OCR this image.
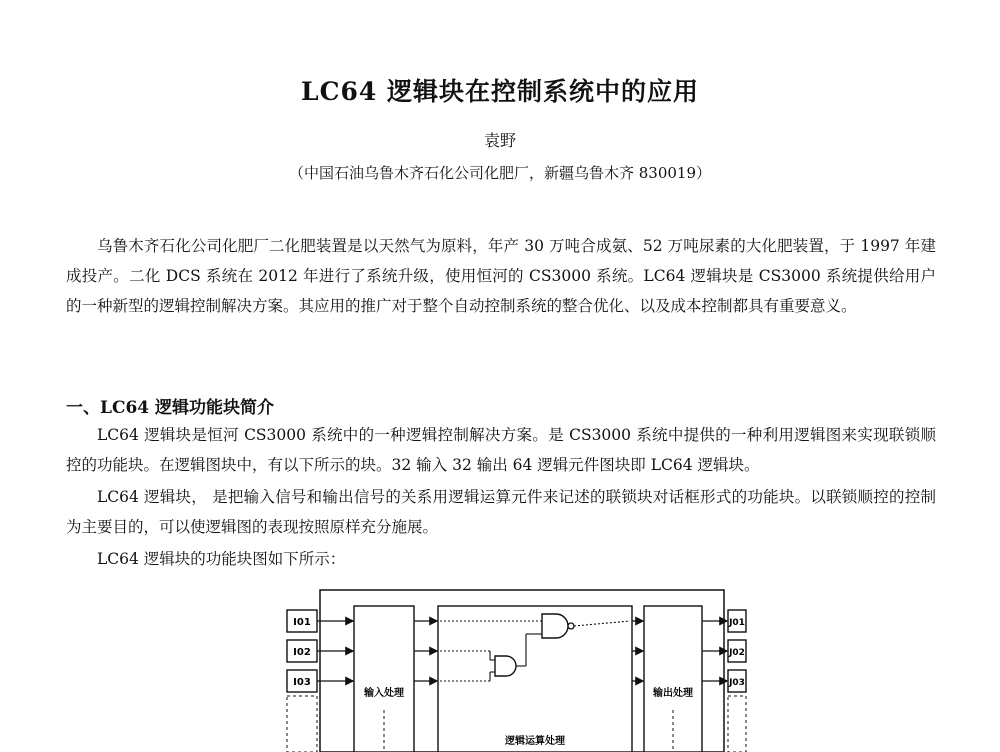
LC64 逻辑块在控制系统中的应用
袁野
（中国石油乌鲁木齐石化公司化肥厂，新疆乌鲁木齐 830019）

乌鲁木齐石化公司化肥厂二化肥装置是以天然气为原料，年产 30 万吨合成氨、52 万吨尿素的大化肥装置，于 1997 年建成投产。二化 DCS 系统在 2012 年进行了系统升级，使用恒河的 CS3000 系统。LC64 逻辑块是 CS3000 系统提供给用户的一种新型的逻辑控制解决方案。其应用的推广对于整个自动控制系统的整合优化、以及成本控制都具有重要意义。

一、LC64 逻辑功能块简介

LC64 逻辑块是恒河 CS3000 系统中的一种逻辑控制解决方案。是 CS3000 系统中提供的一种利用逻辑图来实现联锁顺控的功能块。在逻辑图块中，有以下所示的块。32 输入 32 输出 64 逻辑元件图块即 LC64 逻辑块。

LC64 逻辑块， 是把输入信号和输出信号的关系用逻辑运算元件来记述的联锁块对话框形式的功能块。以联锁顺控的控制为主要目的，可以使逻辑图的表现按照原样充分施展。

LC64 逻辑块的功能块图如下所示：

I01
I02
I03
输入处理
逻辑运算处理
输出处理
J01
J02
J03
